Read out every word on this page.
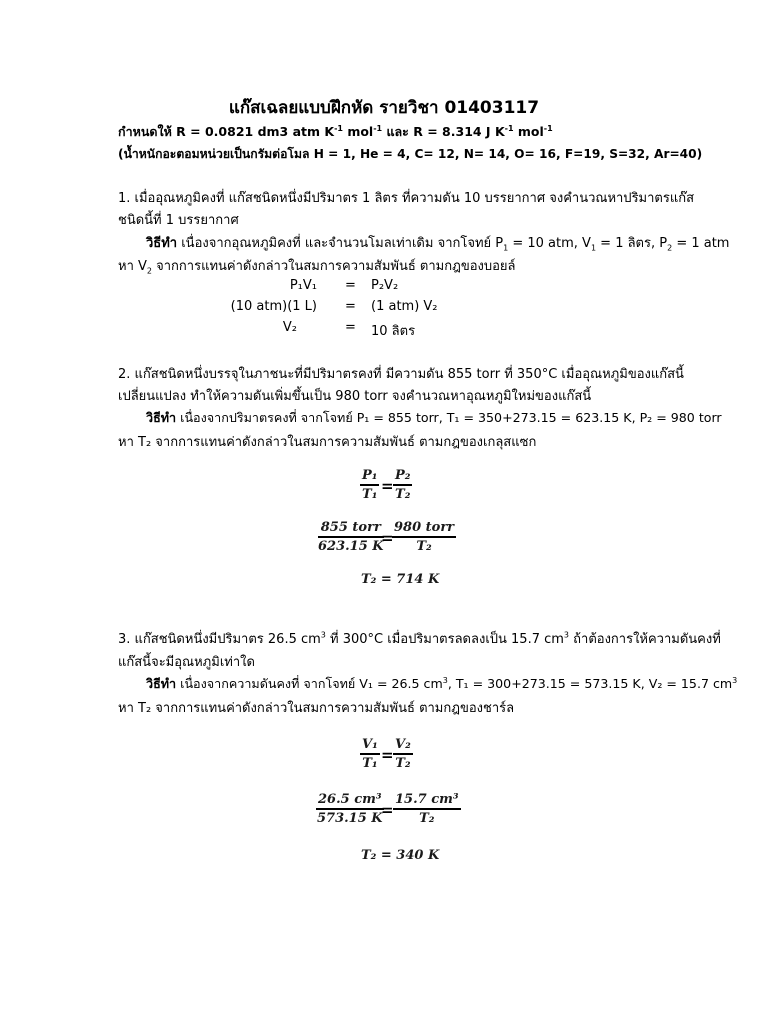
แก๊สเฉลยแบบฝึกหัด รายวิชา 01403117
กำหนดให้ R = 0.0821 dm3 atm $K^{-1}$ mol$^{-1}$ และ R = 8.314 J $K^{-1}$ mol$^{-1}$
(น้ำหนักอะตอมหน่วยเป็นกรัมต่อโมล H = 1, He = 4, C= 12, N= 14, O= 16, F=19, S=32, Ar=40)
1. เมื่ออุณหภูมิคงที่ แก๊สชนิดหนึ่งมีปริมาตร 1 ลิตร ที่ความดัน 10 บรรยากาศ จงคำนวณหาปริมาตรแก๊ส
ชนิดนี้ที่ 1 บรรยากาศ
วิธีทำ เนื่องจากอุณหภูมิคงที่ และจำนวนโมลเท่าเดิม จากโจทย์ $P_1 = 10$ atm, $V_1 = 1$ ลิตร, $P_2 = 1$ atm
หา $V_2$ จากการแทนค่าดังกล่าวในสมการความสัมพันธ์ ตามกฎของบอยล์
P₁V₁ = P₂V₂
(10 atm)(1 L) = (1 atm) V₂
V₂	= 10 ลิตร
2. แก๊สชนิดหนึ่งบรรจุในภาชนะที่มีปริมาตรคงที่ มีความดัน 855 torr ที่ 350°C เมื่ออุณหภูมิของแก๊สนี้
เปลี่ยนแปลง ทำให้ความดันเพิ่มขึ้นเป็น 980 torr จงคำนวณหาอุณหภูมิใหม่ของแก๊สนี้
วิธีทำ เนื่องจากปริมาตรคงที่ จากโจทย์ P₁ = 855 torr, T₁ = 350+273.15 = 623.15 K, P₂ = 980 torr
หา T₂ จากการแทนค่าดังกล่าวในสมการความสัมพันธ์ ตามกฎของเกลุสแซก
$\frac{\text{P₁}}{\text{T₁}} = \frac{\text{P₂}}{\text{T₂}}$
855 torr
623.15 K
=
980 torr
T₂
T₂ = 714 K
3. แก๊สชนิดหนึ่งมีปริมาตร 26.5 $cm^3$ ที่ 300°C เมื่อปริมาตรลดลงเป็น 15.7 $cm^3$ ถ้าต้องการให้ความดันคงที่
แก๊สนี้จะมีอุณหภูมิเท่าใด
วิธีทำ เนื่องจากความดันคงที่ จากโจทย์ V₁ = 26.5 $cm^3$, T₁ = 300+273.15 = 573.15 K, V₂ = 15.7 $cm^3$
หา T₂ จากการแทนค่าดังกล่าวในสมการความสัมพันธ์ ตามกฎของชาร์ล
$\frac{\text{V₁}}{\text{T₁}} = \frac{\text{V₂}}{\text{T₂}}$
$\frac{\text{26.5 cm³}}{573.15 K}$
= $\frac{\text{15.7 cm³}}{\text{T₂}}$
T₂ = 340 K
